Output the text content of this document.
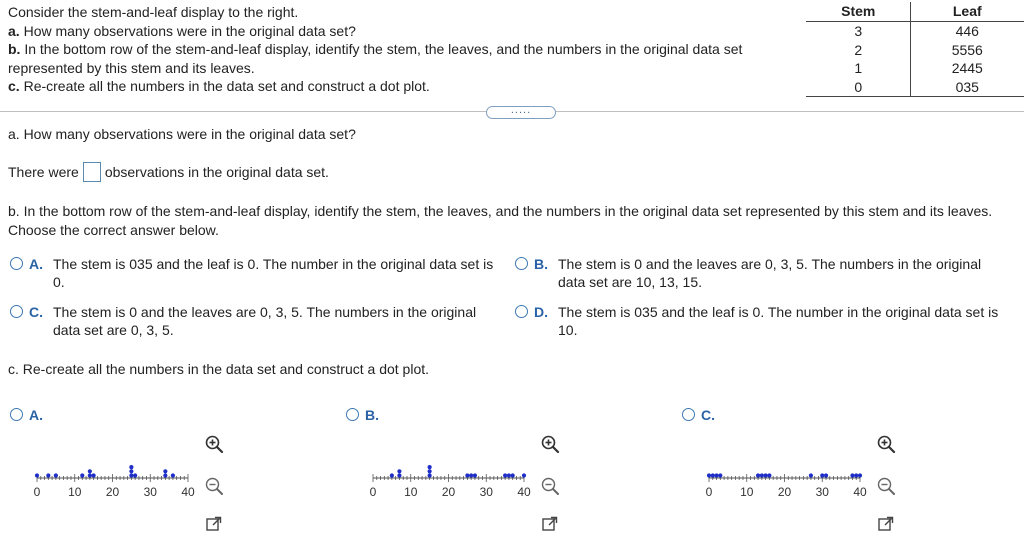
Consider the stem-and-leaf display to the right.
a. How many observations were in the original data set?
b. In the bottom row of the stem-and-leaf display, identify the stem, the leaves, and the numbers in the original data set represented by this stem and its leaves.
c. Re-create all the numbers in the data set and construct a dot plot.
Stem	Leaf
3	446
2	5556
1	2445
0	035
.....
a. How many observations were in the original data set?
There were observations in the original data set.
b. In the bottom row of the stem-and-leaf display, identify the stem, the leaves, and the numbers in the original data set represented by this stem and its leaves. Choose the correct answer below.
A. The stem is 035 and the leaf is 0. The number in the original data set is 0.
B. The stem is 0 and the leaves are 0, 3, 5. The numbers in the original data set are 10, 13, 15.
C. The stem is 0 and the leaves are 0, 3, 5. The numbers in the original data set are 0, 3, 5.
D. The stem is 035 and the leaf is 0. The number in the original data set is 10.
c. Re-create all the numbers in the data set and construct a dot plot.
A.	B.	C.
0 10 20 30 40	0 10 20 30 40	0 10 20 30 40
